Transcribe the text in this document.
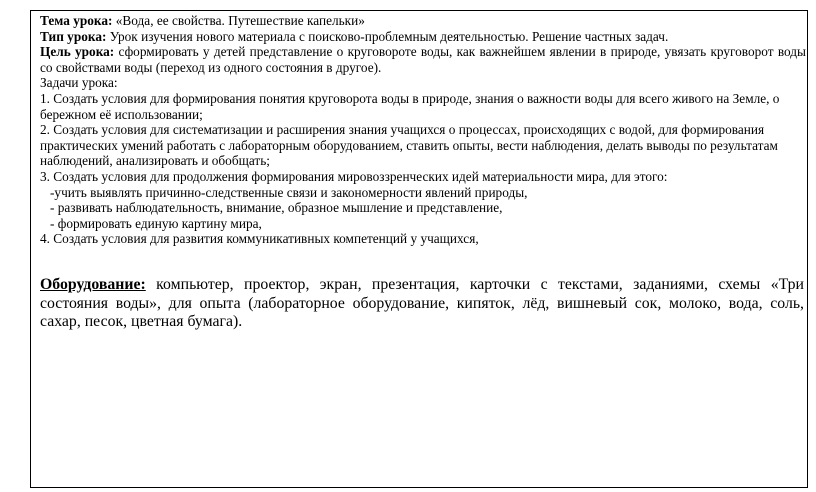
Тема урока: «Вода, ее свойства. Путешествие капельки»
Тип урока: Урок изучения нового материала с поисково-проблемным деятельностью. Решение частных задач.
Цель урока: сформировать у детей представление о круговороте воды, как важнейшем явлении в природе, увязать круговорот воды со свойствами воды (переход из одного состояния в другое).
Задачи урока:
1. Создать условия для формирования понятия круговорота воды в природе, знания о важности воды для всего живого на Земле, о бережном её использовании;
2. Создать условия для систематизации и расширения знания учащихся о процессах, происходящих с водой, для формирования практических умений работать с лабораторным оборудованием, ставить опыты, вести наблюдения, делать выводы по результатам наблюдений, анализировать и обобщать;
3. Создать условия для продолжения формирования мировоззренческих идей материальности мира, для этого:
-учить выявлять причинно-следственные связи и закономерности явлений природы,
- развивать наблюдательность, внимание, образное мышление и представление,
- формировать единую картину мира,
4. Создать условия для развития коммуникативных компетенций у учащихся,
Оборудование: компьютер, проектор, экран, презентация, карточки с текстами, заданиями, схемы «Три состояния воды», для опыта (лабораторное оборудование, кипяток, лёд, вишневый сок, молоко, вода, соль, сахар, песок, цветная бумага).
